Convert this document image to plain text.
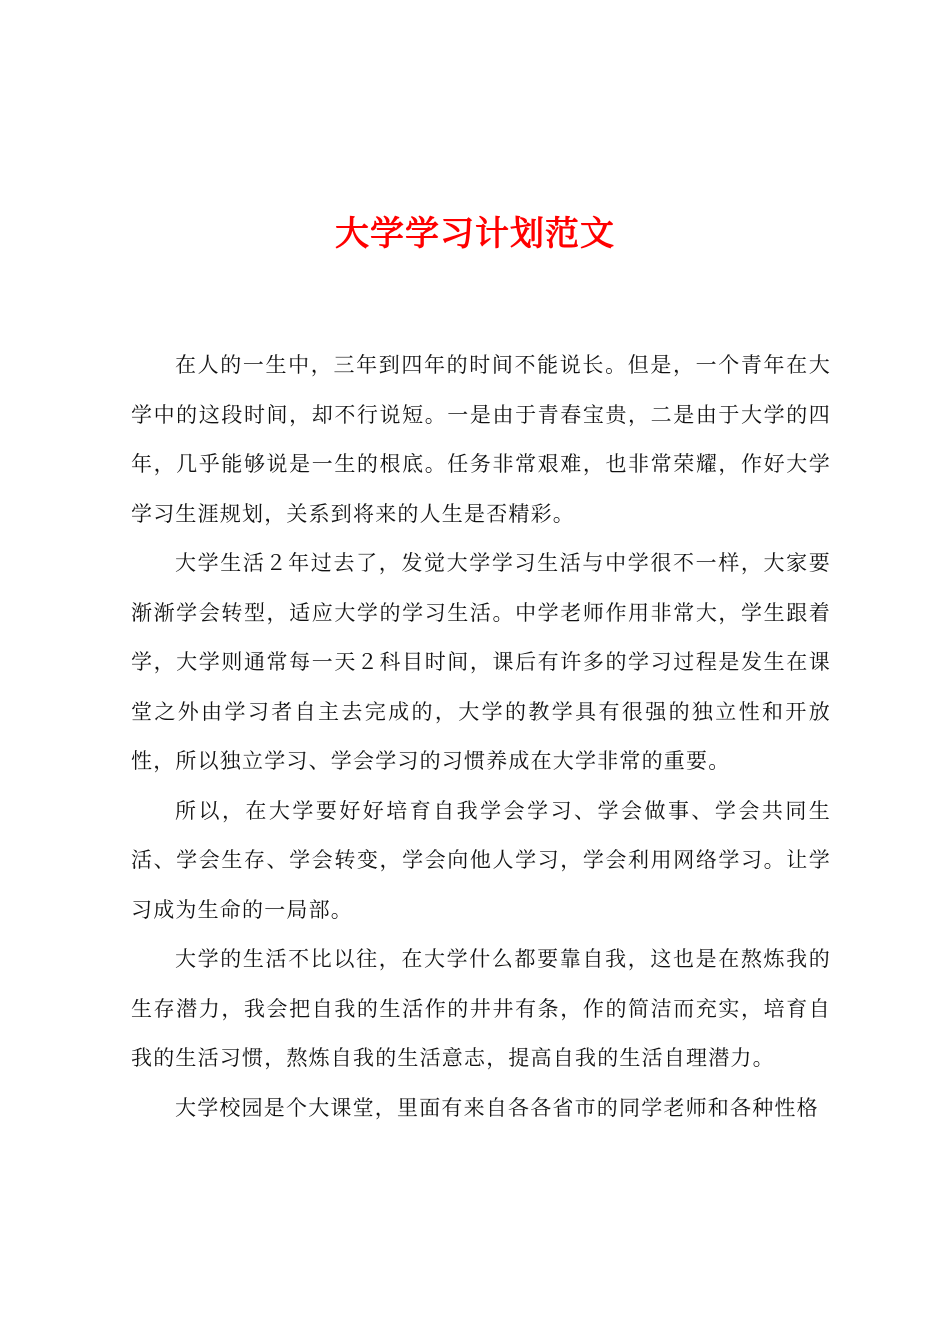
大学学习计划范文

在人的一生中，三年到四年的时间不能说长。但是，一个青年在大学中的这段时间，却不行说短。一是由于青春宝贵，二是由于大学的四年，几乎能够说是一生的根底。任务非常艰难，也非常荣耀，作好大学学习生涯规划，关系到将来的人生是否精彩。

大学生活２年过去了，发觉大学学习生活与中学很不一样，大家要渐渐学会转型，适应大学的学习生活。中学老师作用非常大，学生跟着学，大学则通常每一天２科目时间，课后有许多的学习过程是发生在课堂之外由学习者自主去完成的，大学的教学具有很强的独立性和开放性，所以独立学习、学会学习的习惯养成在大学非常的重要。

所以，在大学要好好培育自我学会学习、学会做事、学会共同生活、学会生存、学会转变，学会向他人学习，学会利用网络学习。让学习成为生命的一局部。

大学的生活不比以往，在大学什么都要靠自我，这也是在熬炼我的生存潜力，我会把自我的生活作的井井有条，作的简洁而充实，培育自我的生活习惯，熬炼自我的生活意志，提高自我的生活自理潜力。

大学校园是个大课堂，里面有来自各各省市的同学老师和各种性格
